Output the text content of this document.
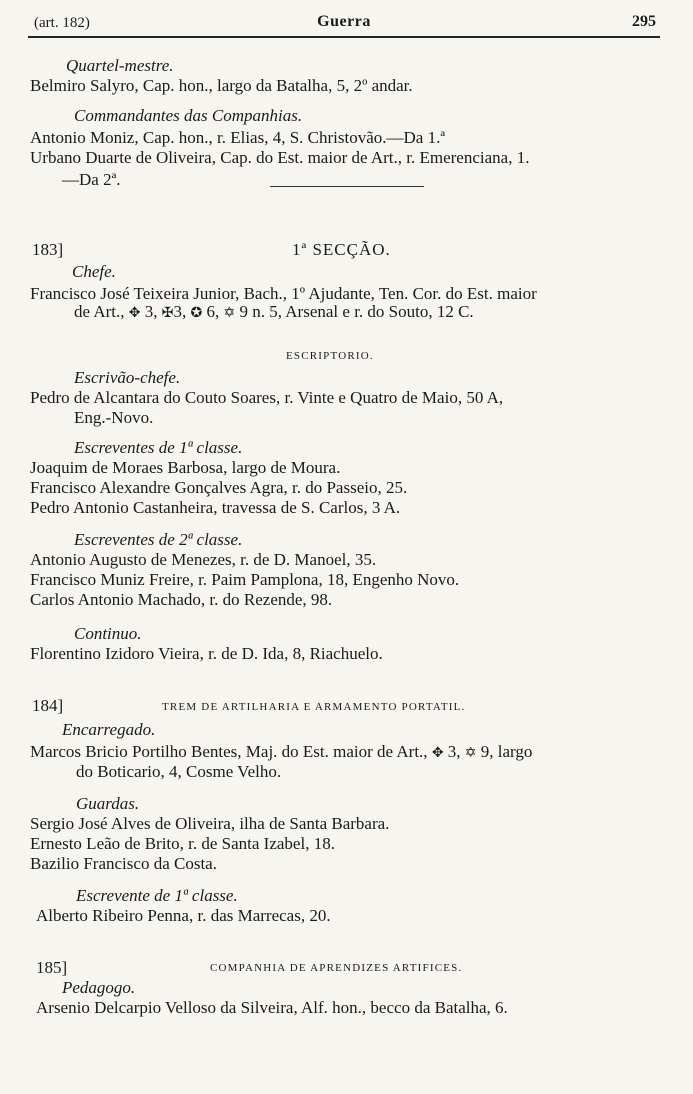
(art. 182)	Guerra	295
Quartel-mestre.
Belmiro Salyro, Cap. hon., largo da Batalha, 5, 2º andar.
Commandantes das Companhias.
Antonio Moniz, Cap. hon., r. Elias, 4, S. Christovão.—Da 1.ª
Urbano Duarte de Oliveira, Cap. do Est. maior de Art., r. Emerenciana, 1.
—Da 2ª.
183]	1ª SECÇÃO.
Chefe.
Francisco José Teixeira Junior, Bach., 1º Ajudante, Ten. Cor. do Est. maior
de Art., ✥ 3, ✠3, ✪ 6, ✡ 9 n. 5, Arsenal e r. do Souto, 12 C.
ESCRIPTORIO.
Escrivão-chefe.
Pedro de Alcantara do Couto Soares, r. Vinte e Quatro de Maio, 50 A,
Eng.-Novo.
Escreventes de 1ª classe.
Joaquim de Moraes Barbosa, largo de Moura.
Francisco Alexandre Gonçalves Agra, r. do Passeio, 25.
Pedro Antonio Castanheira, travessa de S. Carlos, 3 A.
Escreventes de 2ª classe.
Antonio Augusto de Menezes, r. de D. Manoel, 35.
Francisco Muniz Freire, r. Paim Pamplona, 18, Engenho Novo.
Carlos Antonio Machado, r. do Rezende, 98.
Continuo.
Florentino Izidoro Vieira, r. de D. Ida, 8, Riachuelo.
184]	TREM DE ARTILHARIA E ARMAMENTO PORTATIL.
Encarregado.
Marcos Bricio Portilho Bentes, Maj. do Est. maior de Art., ✥ 3, ✡ 9, largo
do Boticario, 4, Cosme Velho.
Guardas.
Sergio José Alves de Oliveira, ilha de Santa Barbara.
Ernesto Leão de Brito, r. de Santa Izabel, 18.
Bazilio Francisco da Costa.
Escrevente de 1ª classe.
Alberto Ribeiro Penna, r. das Marrecas, 20.
185]	COMPANHIA DE APRENDIZES ARTIFICES.
Pedagogo.
Arsenio Delcarpio Velloso da Silveira, Alf. hon., becco da Batalha, 6.
